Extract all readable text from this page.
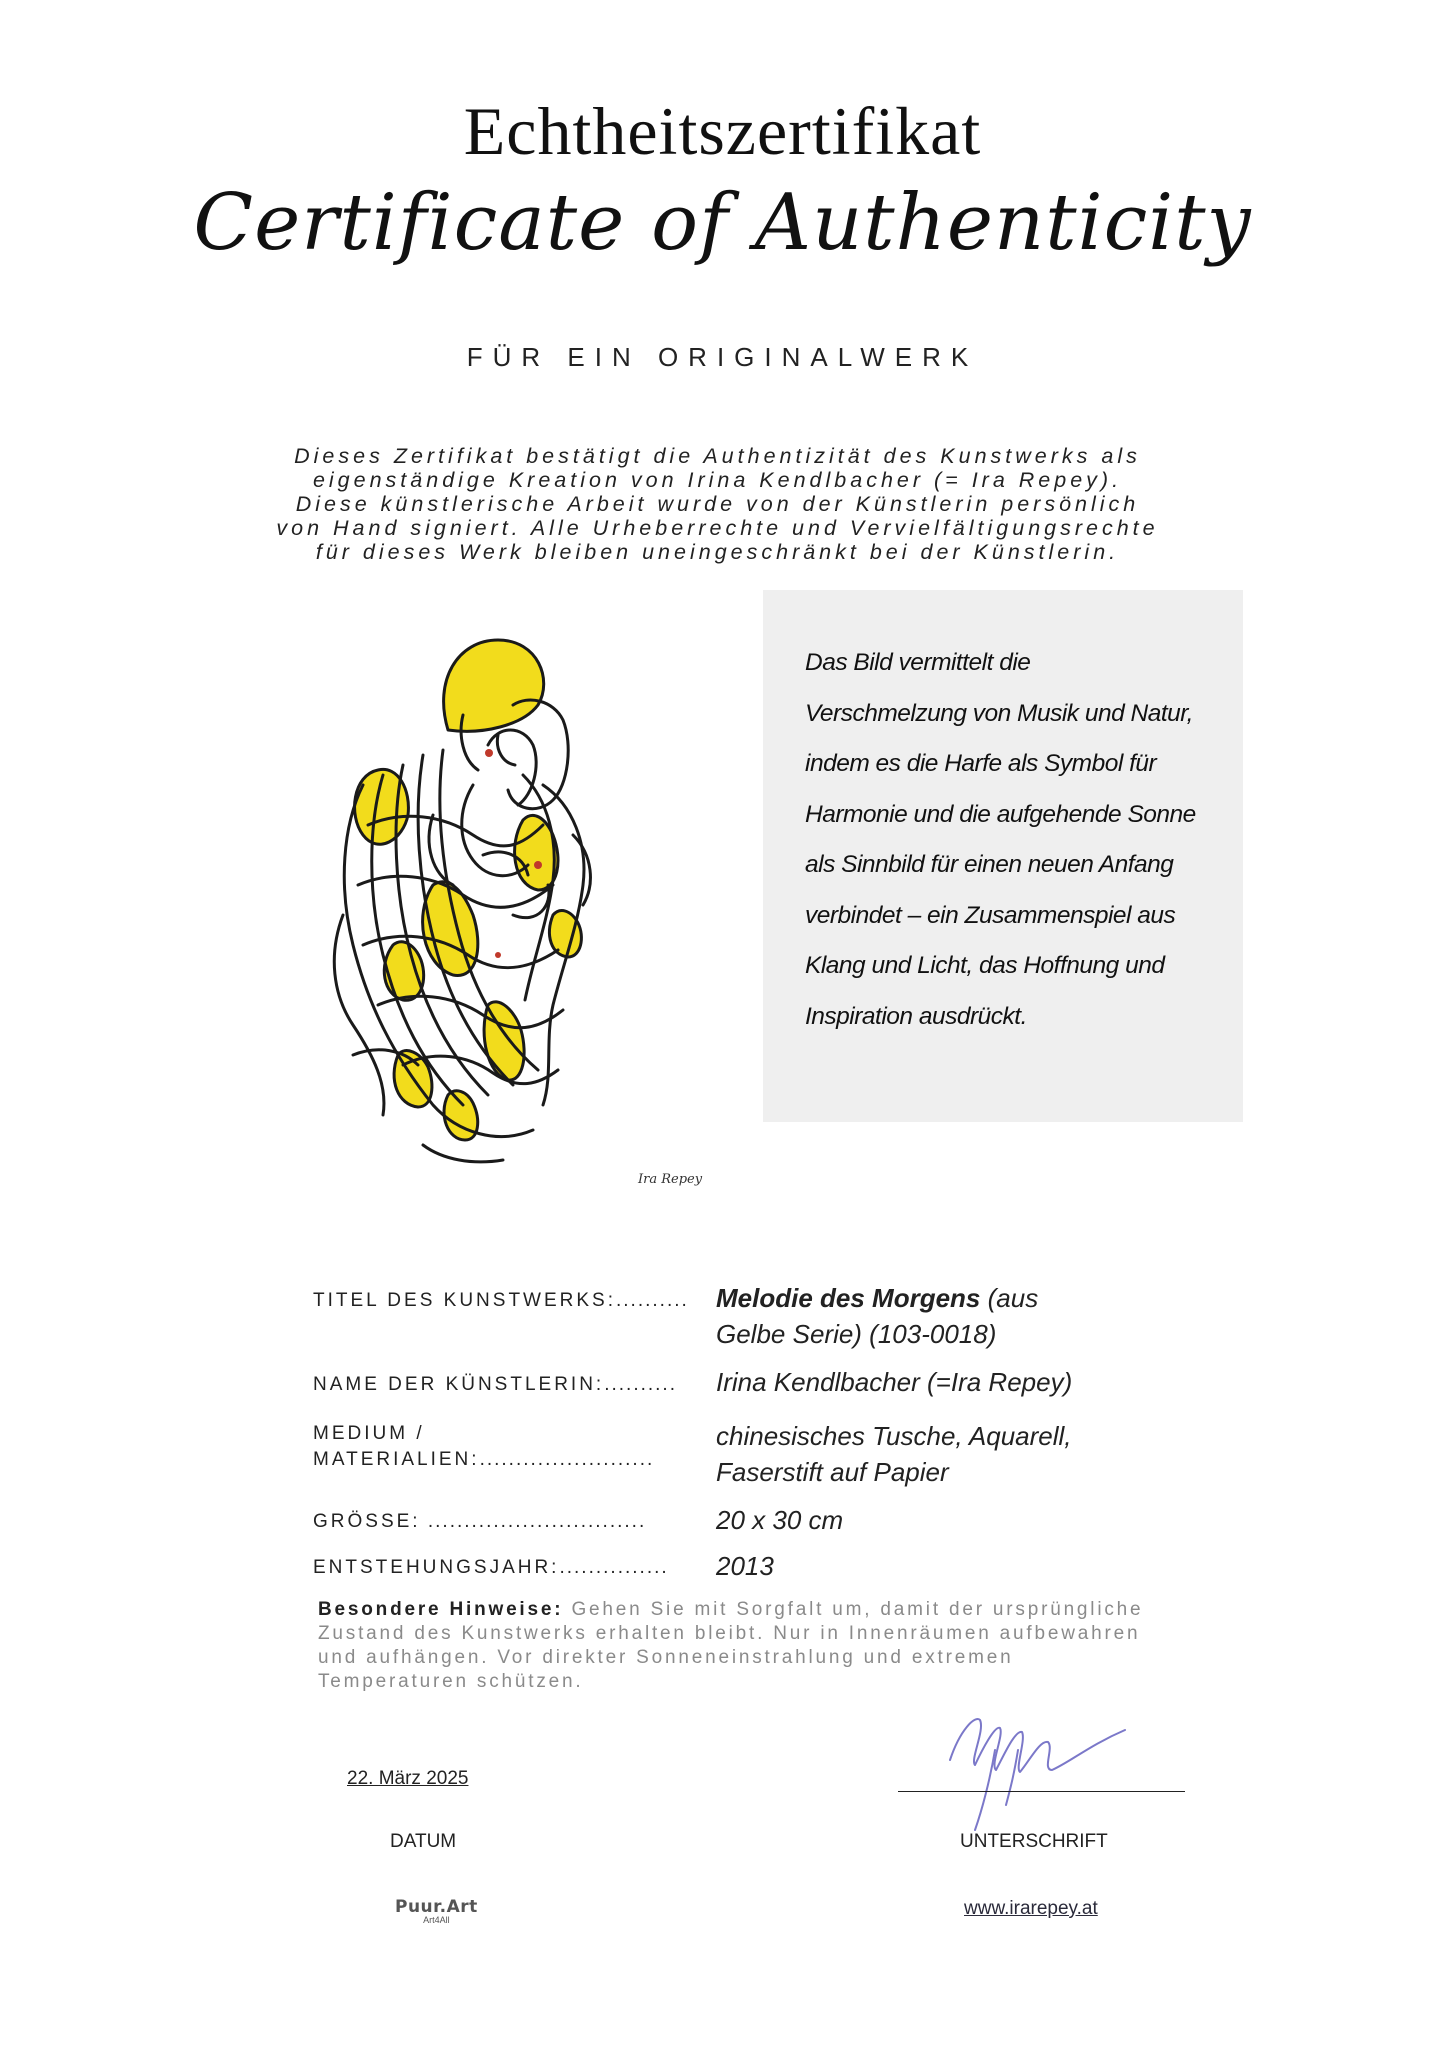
Echtheitszertifikat
Certificate of Authenticity
FÜR EIN ORIGINALWERK
Dieses Zertifikat bestätigt die Authentizität des Kunstwerks als
eigenständige Kreation von Irina Kendlbacher (= Ira Repey).
Diese künstlerische Arbeit wurde von der Künstlerin persönlich
von Hand signiert. Alle Urheberrechte und Vervielfältigungsrechte
für dieses Werk bleiben uneingeschränkt bei der Künstlerin.
Ira Repey
Das Bild vermittelt die
Verschmelzung von Musik und Natur,
indem es die Harfe als Symbol für
Harmonie und die aufgehende Sonne
als Sinnbild für einen neuen Anfang
verbindet – ein Zusammenspiel aus
Klang und Licht, das Hoffnung und
Inspiration ausdrückt.
TITEL DES KUNSTWERKS:.......... Melodie des Morgens (aus
Gelbe Serie) (103-0018)
NAME DER KÜNSTLERIN:.......... Irina Kendlbacher (=Ira Repey)
MEDIUM /
MATERIALIEN:........................
chinesisches Tusche, Aquarell,
Faserstift auf Papier
GRÖSSE: ..............................	20 x 30 cm
ENTSTEHUNGSJAHR:............... 2013
Besondere Hinweise: Gehen Sie mit Sorgfalt um, damit der ursprüngliche
Zustand des Kunstwerks erhalten bleibt. Nur in Innenräumen aufbewahren
und aufhängen. Vor direkter Sonneneinstrahlung und extremen
Temperaturen schützen.
22. März 2025
DATUM	UNTERSCHRIFT
Puur.Art
Art4All
www.irarepey.at
